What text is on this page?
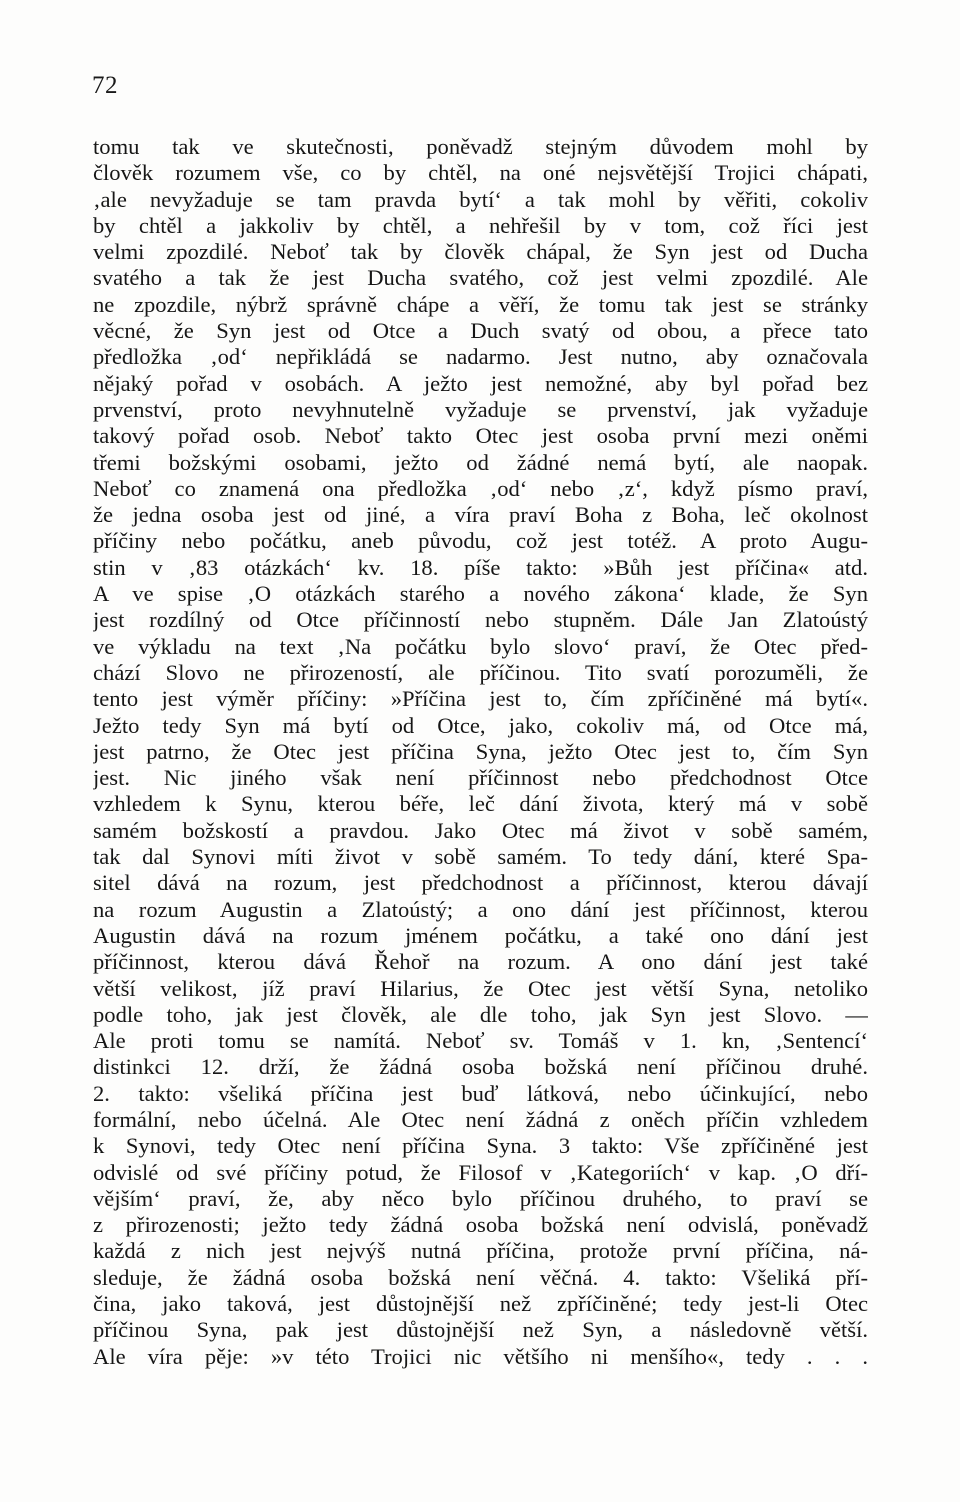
72
tomu tak ve skutečnosti, poněvadž stejným důvodem mohl by
člověk rozumem vše, co by chtěl, na oné nejsvětější Trojici chápati,
‚ale nevyžaduje se tam pravda bytí‘ a tak mohl by věřiti, cokoliv
by chtěl a jakkoliv by chtěl, a nehřešil by v tom, což říci jest
velmi zpozdilé. Neboť tak by člověk chápal, že Syn jest od Ducha
svatého a tak že jest Ducha svatého, což jest velmi zpozdilé. Ale
ne zpozdile, nýbrž správně chápe a věří, že tomu tak jest se stránky
věcné, že Syn jest od Otce a Duch svatý od obou, a přece tato
předložka ‚od‘ nepřikládá se nadarmo. Jest nutno, aby označovala
nějaký pořad v osobách. A ježto jest nemožné, aby byl pořad bez
prvenství, proto nevyhnutelně vyžaduje se prvenství, jak vyžaduje
takový pořad osob. Neboť takto Otec jest osoba první mezi oněmi
třemi božskými osobami, ježto od žádné nemá bytí, ale naopak.
Neboť co znamená ona předložka ‚od‘ nebo ‚z‘, když písmo praví,
že jedna osoba jest od jiné, a víra praví Boha z Boha, leč okolnost
příčiny nebo počátku, aneb původu, což jest totéž. A proto Augu-
stin v ‚83 otázkách‘ kv. 18. píše takto: »Bůh jest příčina« atd.
A ve spise ‚O otázkách starého a nového zákona‘ klade, že Syn
jest rozdílný od Otce příčinností nebo stupněm. Dále Jan Zlatoústý
ve výkladu na text ‚Na počátku bylo slovo‘ praví, že Otec před-
chází Slovo ne přirozeností, ale příčinou. Tito svatí porozuměli, že
tento jest výměr příčiny: »Příčina jest to, čím zpříčiněné má bytí«.
Ježto tedy Syn má bytí od Otce, jako, cokoliv má, od Otce má,
jest patrno, že Otec jest příčina Syna, ježto Otec jest to, čím Syn
jest. Nic jiného však není příčinnost nebo předchodnost Otce
vzhledem k Synu, kterou béře, leč dání života, který má v sobě
samém božskostí a pravdou. Jako Otec má život v sobě samém,
tak dal Synovi míti život v sobě samém. To tedy dání, které Spa-
sitel dává na rozum, jest předchodnost a příčinnost, kterou dávají
na rozum Augustin a Zlatoústý; a ono dání jest příčinnost, kterou
Augustin dává na rozum jménem počátku, a také ono dání jest
příčinnost, kterou dává Řehoř na rozum. A ono dání jest také
větší velikost, jíž praví Hilarius, že Otec jest větší Syna, netoliko
podle toho, jak jest člověk, ale dle toho, jak Syn jest Slovo. —
Ale proti tomu se namítá. Neboť sv. Tomáš v 1. kn, ‚Sentencí‘
distinkci 12. drží, že žádná osoba božská není příčinou druhé.
2. takto: všeliká příčina jest buď látková, nebo účinkující, nebo
formální, nebo účelná. Ale Otec není žádná z oněch příčin vzhledem
k Synovi, tedy Otec není příčina Syna. 3 takto: Vše zpříčiněné jest
odvislé od své příčiny potud, že Filosof v ‚Kategoriích‘ v kap. ‚O dří-
vějším‘ praví, že, aby něco bylo příčinou druhého, to praví se
z přirozenosti; ježto tedy žádná osoba božská není odvislá, poněvadž
každá z nich jest nejvýš nutná příčina, protože první příčina, ná-
sleduje, že žádná osoba božská není věčná. 4. takto: Všeliká pří-
čina, jako taková, jest důstojnější než zpříčiněné; tedy jest-li Otec
příčinou Syna, pak jest důstojnější než Syn, a následovně větší.
Ale víra pěje: »v této Trojici nic většího ni menšího«, tedy . . .
